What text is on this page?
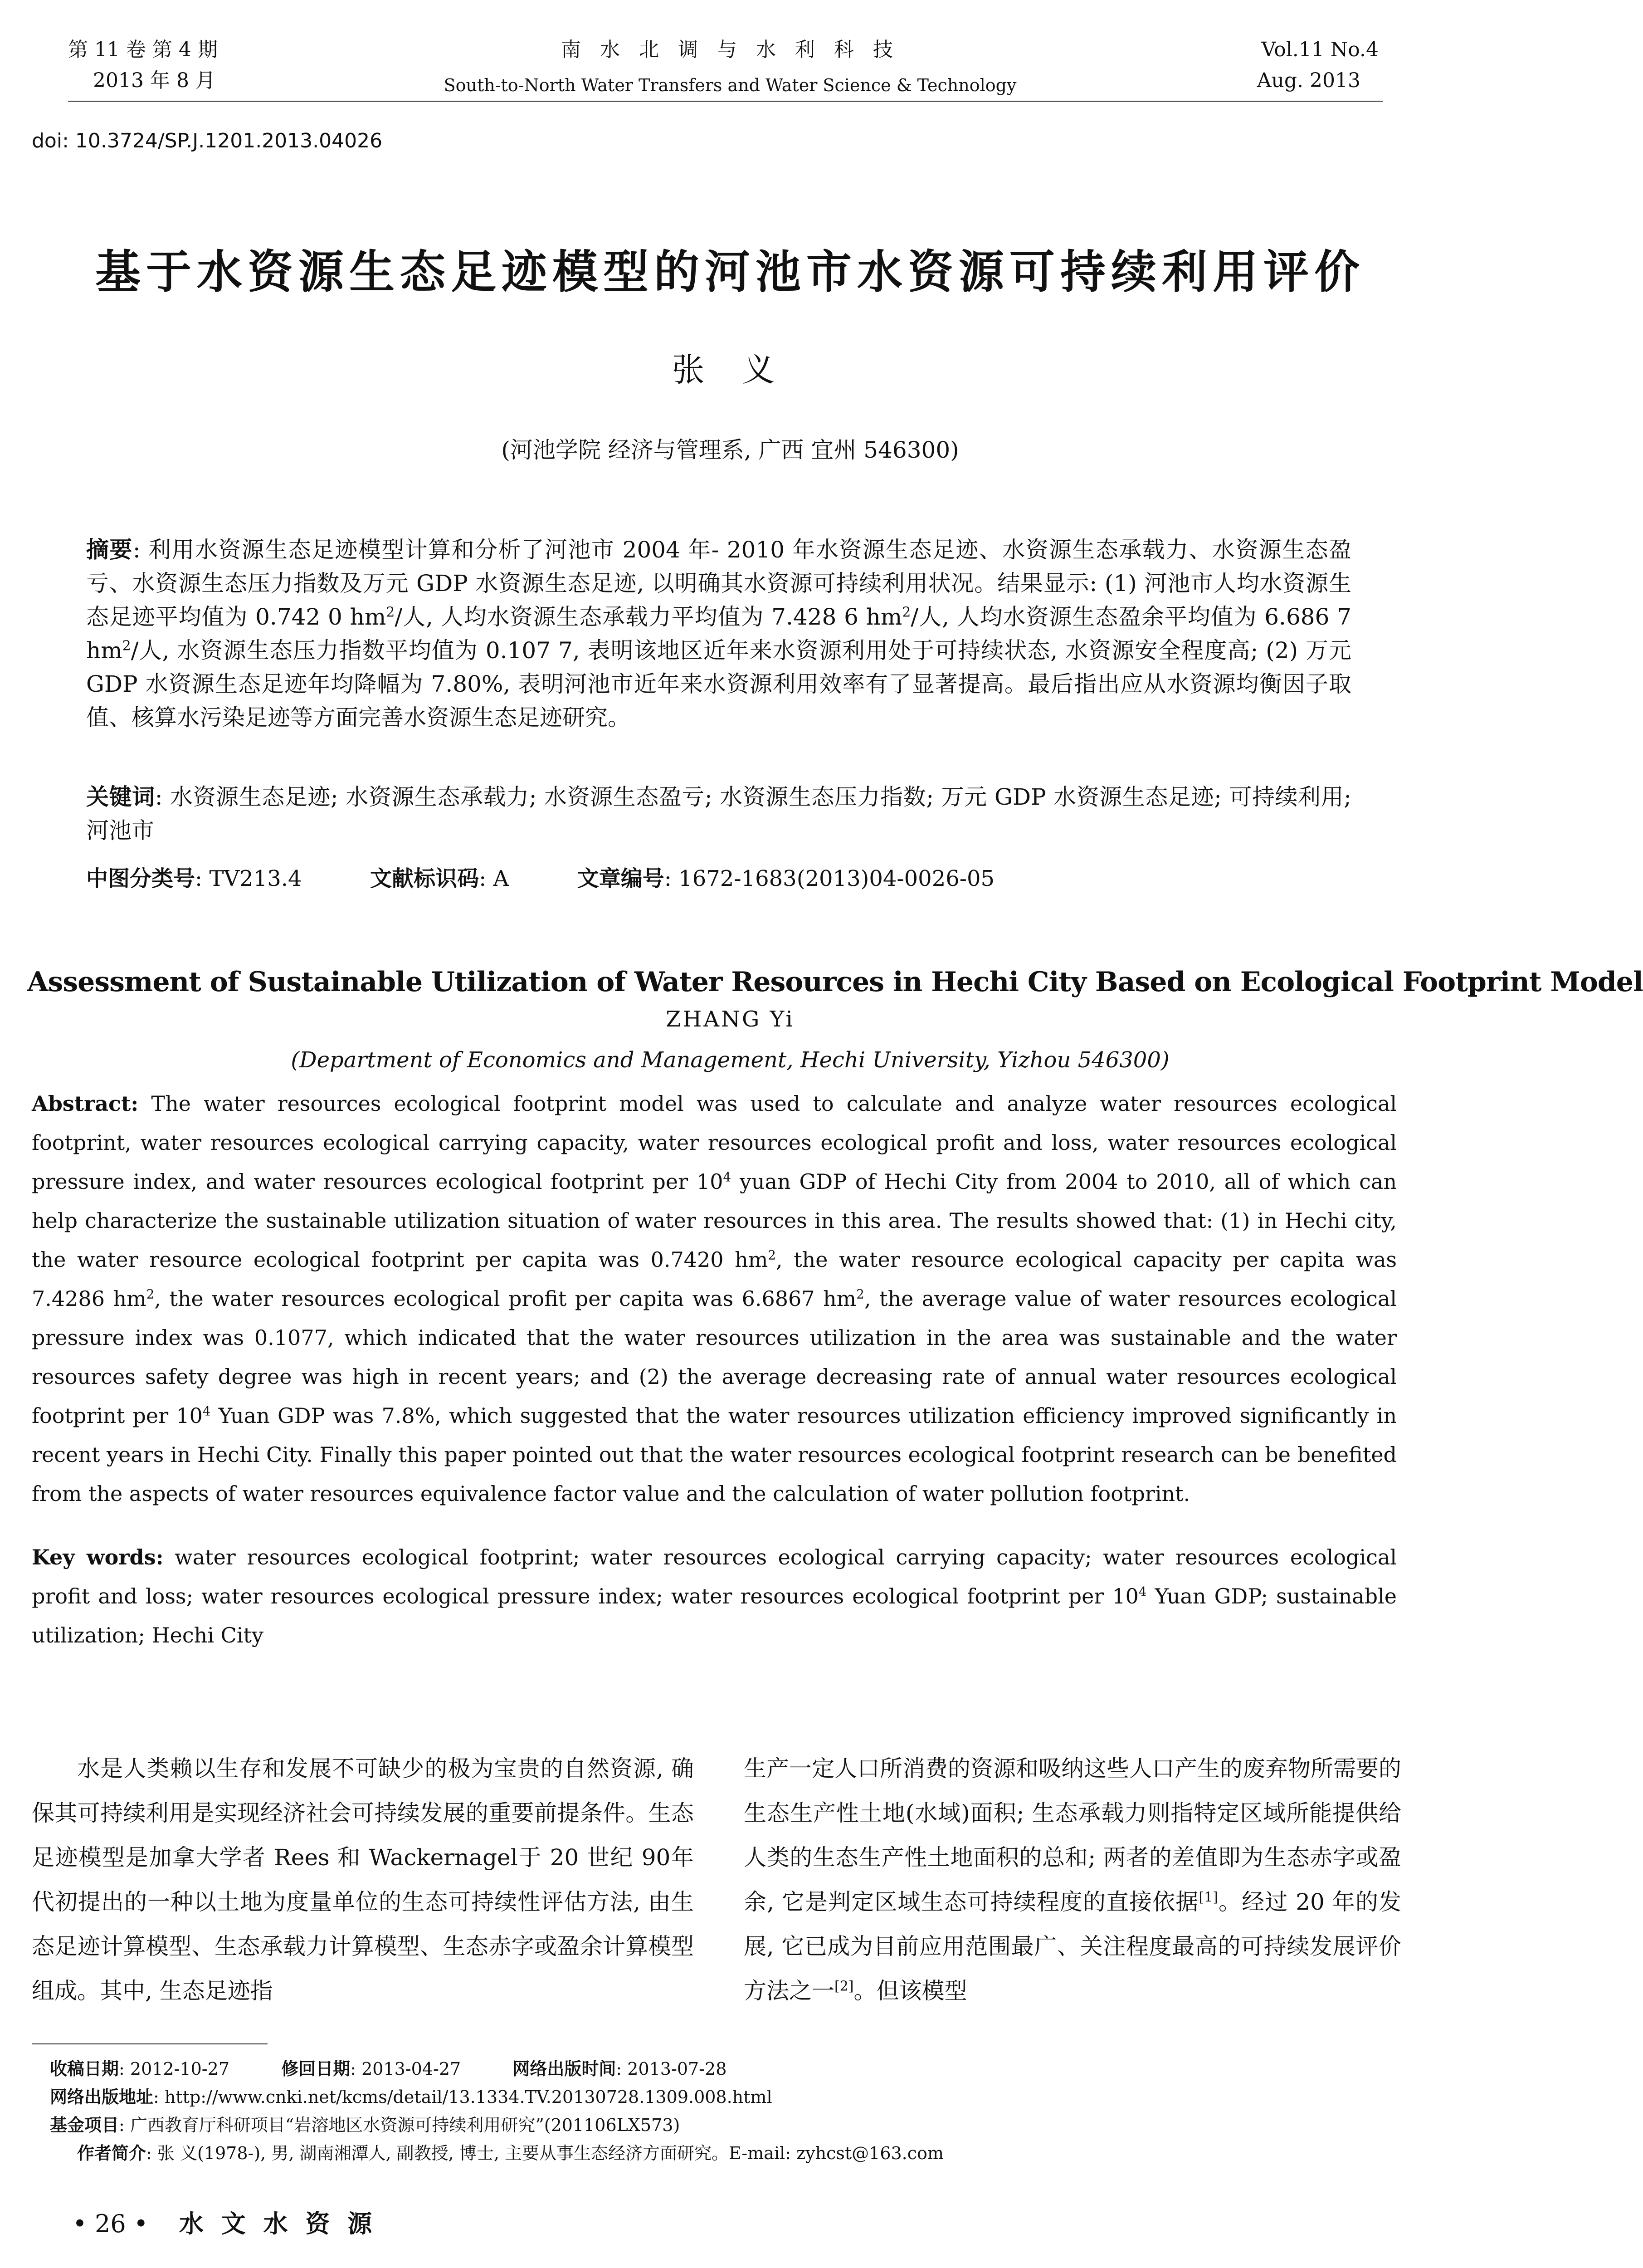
第 11 卷 第 4 期
2013 年 8 月
南 水 北 调 与 水 利 科 技
South-to-North Water Transfers and Water Science & Technology
Vol.11 No.4
Aug. 2013
doi: 10.3724/SP.J.1201.2013.04026
基于水资源生态足迹模型的河池市水资源可持续利用评价
张 义
(河池学院 经济与管理系, 广西 宜州 546300)
摘要: 利用水资源生态足迹模型计算和分析了河池市 2004 年- 2010 年水资源生态足迹、水资源生态承载力、水资源生态盈亏、水资源生态压力指数及万元 GDP 水资源生态足迹, 以明确其水资源可持续利用状况。结果显示: (1) 河池市人均水资源生态足迹平均值为 0.742 0 $hm^2/$人, 人均水资源生态承载力平均值为 7.428 6 $hm^2/$人, 人均水资源生态盈余平均值为 6.686 7 $hm^2/$人, 水资源生态压力指数平均值为 0.107 7, 表明该地区近年来水资源利用处于可持续状态, 水资源安全程度高; (2) 万元 GDP 水资源生态足迹年均降幅为 7.80%, 表明河池市近年来水资源利用效率有了显著提高。最后指出应从水资源均衡因子取值、核算水污染足迹等方面完善水资源生态足迹研究。
关键词: 水资源生态足迹; 水资源生态承载力; 水资源生态盈亏; 水资源生态压力指数; 万元 GDP 水资源生态足迹; 可持续利用; 河池市
中图分类号: TV213.4	文献标识码: A	文章编号: 1672-1683(2013)04-0026-05
Assessment of Sustainable Utilization of Water Resources in Hechi City Based on Ecological Footprint Model
ZHANG Yi
(Department of Economics and Management, Hechi University, Yizhou 546300)
Abstract: The water resources ecological footprint model was used to calculate and analyze water resources ecological footprint, water resources ecological carrying capacity, water resources ecological profit and loss, water resources ecological pressure index, and water resources ecological footprint per $10^4$ yuan GDP of Hechi City from 2004 to 2010, all of which can help characterize the sustainable utilization situation of water resources in this area. The results showed that: (1) in Hechi city, the water resource ecological footprint per capita was 0.7420 $hm^2$, the water resource ecological capacity per capita was 7.4286 $hm^2$, the water resources ecological profit per capita was 6.6867 $hm^2$, the average value of water resources ecological pressure index was 0.1077, which indicated that the water resources utilization in the area was sustainable and the water resources safety degree was high in recent years; and (2) the average decreasing rate of annual water resources ecological footprint per $10^4$ Yuan GDP was 7.8%, which suggested that the water resources utilization efficiency improved significantly in recent years in Hechi City. Finally this paper pointed out that the water resources ecological footprint research can be benefited from the aspects of water resources equivalence factor value and the calculation of water pollution footprint.
Key words: water resources ecological footprint; water resources ecological carrying capacity; water resources ecological profit and loss; water resources ecological pressure index; water resources ecological footprint per $10^4$ Yuan GDP; sustainable utilization; Hechi City
水是人类赖以生存和发展不可缺少的极为宝贵的自然资源, 确保其可持续利用是实现经济社会可持续发展的重要前提条件。生态足迹模型是加拿大学者 Rees 和 Wackernagel于 20 世纪 90年代初提出的一种以土地为度量单位的生态可持续性评估方法, 由生态足迹计算模型、生态承载力计算模型、生态赤字或盈余计算模型组成。其中, 生态足迹指
生产一定人口所消费的资源和吸纳这些人口产生的废弃物所需要的生态生产性土地(水域)面积; 生态承载力则指特定区域所能提供给人类的生态生产性土地面积的总和; 两者的差值即为生态赤字或盈余, 它是判定区域生态可持续程度的直接依据[1]。经过 20 年的发展, 它已成为目前应用范围最广、关注程度最高的可持续发展评价方法之一[2]。但该模型
收稿日期: 2012-10-27	修回日期: 2013-04-27	网络出版时间: 2013-07-28
网络出版地址: http://www.cnki.net/kcms/detail/13.1334.TV.20130728.1309.008.html
基金项目: 广西教育厅科研项目“岩溶地区水资源可持续利用研究”(201106LX573)
作者简介: 张 义(1978-), 男, 湖南湘潭人, 副教授, 博士, 主要从事生态经济方面研究。E-mail: zyhcst@163.com
• 26 • 水 文 水 资 源
